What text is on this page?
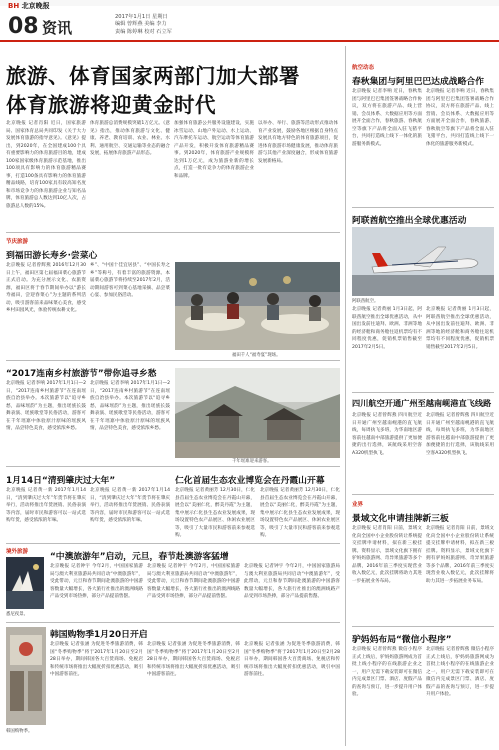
BH 北京晚报
08 资讯
2017年1月1日 星期日
编辑 曾辉燕 美编 李力
责编 陈婷琳 校对 石立军
旅游、体育国家两部门加大部署
体育旅游将迎黄金时代
北京晚报 记者肖阳 近日，国家旅游局、国家体育总局共同印发《关于大力发展体育旅游的指导意见》。《意见》提出，到2020年，在全国建成100个具有重要影响力的体育旅游目的地，建成100家国家级体育旅游示范基地，推出100项具有影响力的体育旅游精品赛事，打造100条具有影响力的体育旅游精品线路，培育100家具有较高知名度和市场竞争力的体育旅游企业与知名品牌，体育旅游总人数达到10亿人次，占旅游总人数的15%。
体育旅游总消费规模突破1万亿元。《意见》指出，推动体育旅游与文化、健康、养老、教育培训、农业、林业、水利、通用航空、交通运输等业态的融合发展，拓展体育旅游产品形态。
加强体育旅游公共服务设施建设，实施冰雪运动、山地户外运动、水上运动、汽车摩托车运动、航空运动等体育旅游产品开发，积极开发体育旅游精品赛事。到2020年，体育旅游产业规模将达到1万亿元，成为旅游业新的增长点，打造一批有竞争力的体育旅游企业和品牌。
以举办、举行、旅游等活动形式推动体育产业发展，鼓励各地区根据自身特点发展具有地方特色的体育旅游项目，促进体育旅游市场健康发展，推动体育旅游与其他产业深度融合，形成体育旅游发展新格局。
节庆旅游
到福田游长寿乡·尝菜心
北京晚报 记者曾辉燕 2016年12月30日上午，福田区第七届福田菜心旅游节正式启动。为充分展示文化、农旅资源，福田区将于春节期间举办以“游长寿福田，尝迎春菜心”为主题的系列活动，吸引游客前来品味菜心美食，感受乡村田园风光，体验传统农耕文化。
乡”、“中国十佳宜居县”、“中国长寿之乡”等称号，有着丰富的旅游资源。本届菜心旅游节将持续至2017年2月，活动期间游客可到菜心基地采摘、品尝菜心宴、参加民俗活动。
福田千人“福寿宴”现场。
“2017连南乡村旅游节”带你追寻乡愁
北京晚报 记者李响 2017年1月1日—2日，“2017连南乡村旅游节”在连南瑶族自治县举办。本次旅游节以“追寻乡愁，品味瑶韵”为主题，推出瑶族长鼓舞表演、瑶族歌堂等民俗活动，游客可在千年瑶寨中体验原汁原味的瑶族风情，品尝特色美食，感受浓浓乡愁。
北京晚报 记者李响 2017年1月1日—2日，“2017连南乡村旅游节”在连南瑶族自治县举办。本次旅游节以“追寻乡愁，品味瑶韵”为主题，推出瑶族长鼓舞表演、瑶族歌堂等民俗活动，游客可在千年瑶寨中体验原汁原味的瑶族风情，品尝特色美食，感受浓浓乡愁。
千年瑶寨迎来游客。
1月14日“清到肇庆过大年”
北京晚报 记者黄一新 2017年1月14日，“清到肇庆过大年”年货节将在肇庆举行，活动将推出年货展销、民俗表演等内容，届时市民和游客可以一站式选购年货，感受浓浓的年味。
北京晚报 记者黄一新 2017年1月14日，“清到肇庆过大年”年货节将在肇庆举行，活动将推出年货展销、民俗表演等内容，届时市民和游客可以一站式选购年货，感受浓浓的年味。
仁化首届生态农业博览会在丹霞山开幕
北京晚报 记者黄丽芳 12月30日，仁化县首届生态农业博览会在丹霞山开幕，展会以“美丽仁化，醉美丹霞”为主题，集中展示仁化县生态农业发展成果，现场设置特色农产品展区、休闲农业展区等，吸引了大量市民和游客前来参观选购。
北京晚报 记者黄丽芳 12月30日，仁化县首届生态农业博览会在丹霞山开幕，展会以“美丽仁化，醉美丹霞”为主题，集中展示仁化县生态农业发展成果，现场设置特色农产品展区、休闲农业展区等，吸引了大量市民和游客前来参观选购。
境外旅游
悉尼夜景。
“中澳旅游年”启动，元旦，春节赴澳游客猛增
北京晚报 记者钟宇 今年2月，中国国家旅游局与澳大利亚旅游局共同启动“中澳旅游年”，受此带动，元旦和春节期间赴澳旅游的中国游客数量大幅增长，各大旅行社推出的澳洲线路产品受到市场热捧，部分产品提前售罄。
北京晚报 记者钟宇 今年2月，中国国家旅游局与澳大利亚旅游局共同启动“中澳旅游年”，受此带动，元旦和春节期间赴澳旅游的中国游客数量大幅增长，各大旅行社推出的澳洲线路产品受到市场热捧，部分产品提前售罄。
北京晚报 记者钟宇 今年2月，中国国家旅游局与澳大利亚旅游局共同启动“中澳旅游年”，受此带动，元旦和春节期间赴澳旅游的中国游客数量大幅增长，各大旅行社推出的澳洲线路产品受到市场热捧，部分产品提前售罄。
韩国购物季1月20日开启
韩国购物季。
北京晚报 记者张涵 为促进冬季旅游消费，韩国“冬季购物季”将于2017年1月20日至2月28日举办，期间韩国各大百货商场、免税店和传统市场将推出大幅度折扣优惠活动，吸引中国游客前往。
北京晚报 记者张涵 为促进冬季旅游消费，韩国“冬季购物季”将于2017年1月20日至2月28日举办，期间韩国各大百货商场、免税店和传统市场将推出大幅度折扣优惠活动，吸引中国游客前往。
北京晚报 记者张涵 为促进冬季旅游消费，韩国“冬季购物季”将于2017年1月20日至2月28日举办，期间韩国各大百货商场、免税店和传统市场将推出大幅度折扣优惠活动，吸引中国游客前往。
航空动态
春秋集团与阿里巴巴达成战略合作
北京晚报 记者李响 近日，春秋集团与阿里巴巴集团签署战略合作协议，双方将在旅游产品、线上营销、会员体系、大数据应用等方面展开全面合作，春秋旅游、春秋航空等旗下产品将全面入驻飞猪平台，共同打造线上线下一体化的旅游服务新模式。
北京晚报 记者李响 近日，春秋集团与阿里巴巴集团签署战略合作协议，双方将在旅游产品、线上营销、会员体系、大数据应用等方面展开全面合作，春秋旅游、春秋航空等旗下产品将全面入驻飞猪平台，共同打造线上线下一体化的旅游服务新模式。
阿联酋航空推出全球优惠活动
阿联酋航空。
北京晚报 记者黄丽 1月3日起，阿联酋航空推出全球优惠活动，从中国出发前往迪拜、欧洲、非洲等地的经济舱和商务舱往返机票均有不同程度优惠，促销机票销售截至2017年2月5日。
北京晚报 记者黄丽 1月3日起，阿联酋航空推出全球优惠活动，从中国出发前往迪拜、欧洲、非洲等地的经济舱和商务舱往返机票均有不同程度优惠，促销机票销售截至2017年2月5日。
四川航空开通广州至越南岘港直飞线路
北京晚报 记者曾辉燕 四川航空近日开通广州至越南岘港的直飞航线，每周执飞多班，为华南地区游客前往越南中部旅游提供了更加便捷的出行选择，该航线采用空客A320机型执飞。
北京晚报 记者曾辉燕 四川航空近日开通广州至越南岘港的直飞航线，每周执飞多班，为华南地区游客前往越南中部旅游提供了更加便捷的出行选择，该航线采用空客A320机型执飞。
业界
景域文化申请挂牌新三板
北京晚报 记者肖阳 日前，景域文化向全国中小企业股份转让系统提交挂牌申请材料，拟在新三板挂牌。资料显示，景域文化旗下拥有驴妈妈旅游网、奇异果旅游等多个品牌，2016年前三季度实现营业收入数亿元，此次挂牌将助力其进一步拓展业务布局。
北京晚报 记者肖阳 日前，景域文化向全国中小企业股份转让系统提交挂牌申请材料，拟在新三板挂牌。资料显示，景域文化旗下拥有驴妈妈旅游网、奇异果旅游等多个品牌，2016年前三季度实现营业收入数亿元，此次挂牌将助力其进一步拓展业务布局。
驴妈妈布局“微信小程序”
北京晚报 记者曾辉燕 微信小程序正式上线后，驴妈妈旅游网成为首批上线小程序的在线旅游企业之一，用户无需下载安装即可在微信内完成景区门票、酒店、度假产品的查询与预订，进一步提升用户体验。
北京晚报 记者曾辉燕 微信小程序正式上线后，驴妈妈旅游网成为首批上线小程序的在线旅游企业之一，用户无需下载安装即可在微信内完成景区门票、酒店、度假产品的查询与预订，进一步提升用户体验。
